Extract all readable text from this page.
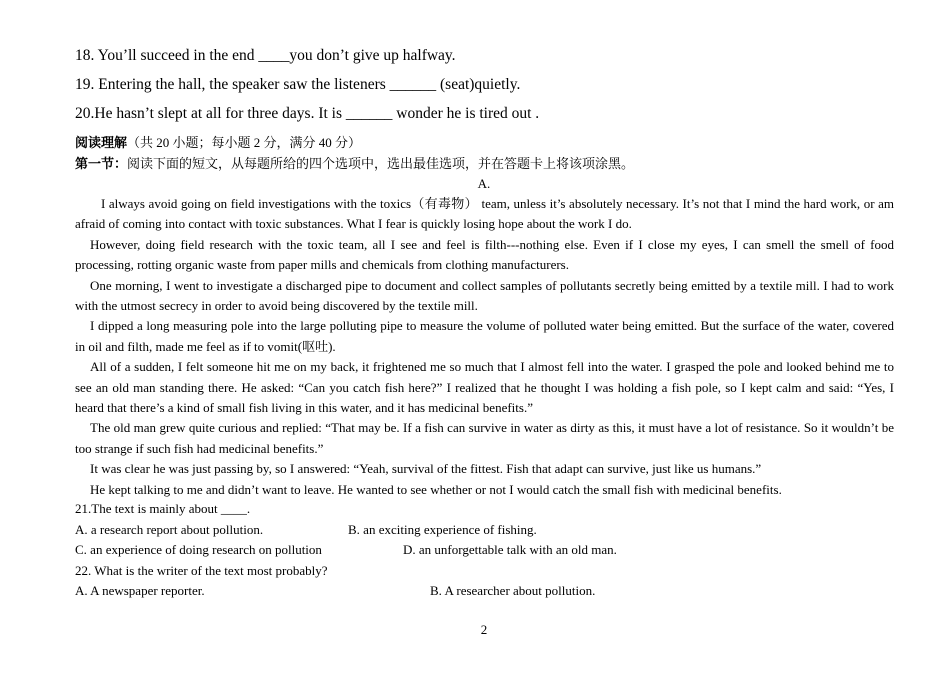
18. You’ll succeed in the end ____you don’t give up halfway.
19. Entering the hall, the speaker saw the listeners ______ (seat)quietly.
20.He hasn’t slept at all for three days. It is ______ wonder he is tired out .
阅读理解（共 20 小题；每小题 2 分，满分 40 分）
第一节：阅读下面的短文，从每题所给的四个选项中，选出最佳选项，并在答题卡上将该项涂黑。
A.

I always avoid going on field investigations with the toxics（有毒物） team, unless it’s absolutely necessary. It’s not that I mind the hard work, or am afraid of coming into contact with toxic substances. What I fear is quickly losing hope about the work I do.

However, doing field research with the toxic team, all I see and feel is filth---nothing else. Even if I close my eyes, I can smell the smell of food processing, rotting organic waste from paper mills and chemicals from clothing manufacturers.

One morning, I went to investigate a discharged pipe to document and collect samples of pollutants secretly being emitted by a textile mill. I had to work with the utmost secrecy in order to avoid being discovered by the textile mill.

I dipped a long measuring pole into the large polluting pipe to measure the volume of polluted water being emitted. But the surface of the water, covered in oil and filth, made me feel as if to vomit(呕吐).

All of a sudden, I felt someone hit me on my back, it frightened me so much that I almost fell into the water. I grasped the pole and looked behind me to see an old man standing there. He asked: “Can you catch fish here?” I realized that he thought I was holding a fish pole, so I kept calm and said: “Yes, I heard that there’s a kind of small fish living in this water, and it has medicinal benefits.”

The old man grew quite curious and replied: “That may be. If a fish can survive in water as dirty as this, it must have a lot of resistance. So it wouldn’t be too strange if such fish had medicinal benefits.”

It was clear he was just passing by, so I answered: “Yeah, survival of the fittest. Fish that adapt can survive, just like us humans.”

He kept talking to me and didn’t want to leave. He wanted to see whether or not I would catch the small fish with medicinal benefits.

21.The text is mainly about ____.
A. a research report about pollution.	B. an exciting experience of fishing.
C. an experience of doing research on pollution	D. an unforgettable talk with an old man.
22. What is the writer of the text most probably?
A. A newspaper reporter.	B. A researcher about pollution.
2
